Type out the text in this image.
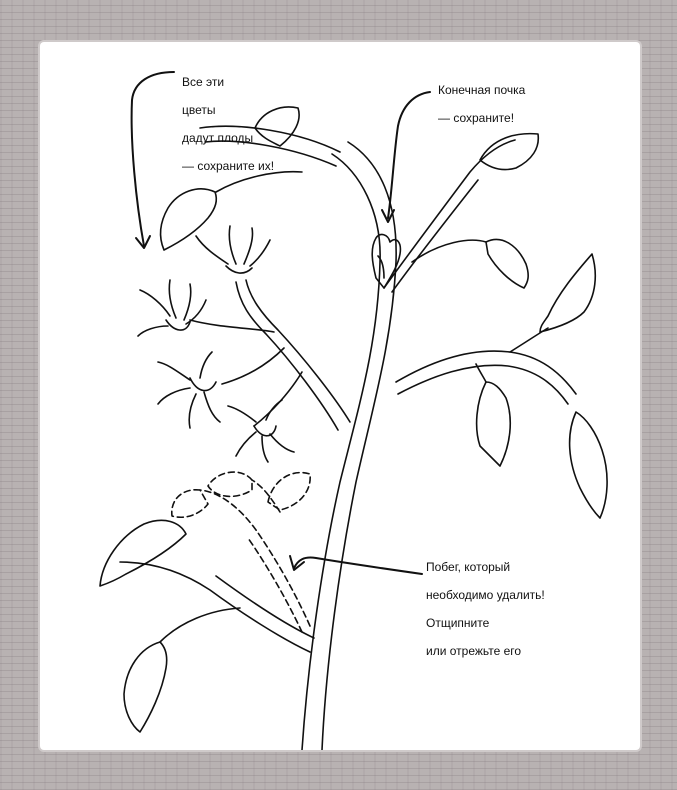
Все эти

цветы

дадут плоды

— сохраните их!

Конечная почка

— сохраните!

Побег, который

необходимо удалить!

Отщипните

или отрежьте его
